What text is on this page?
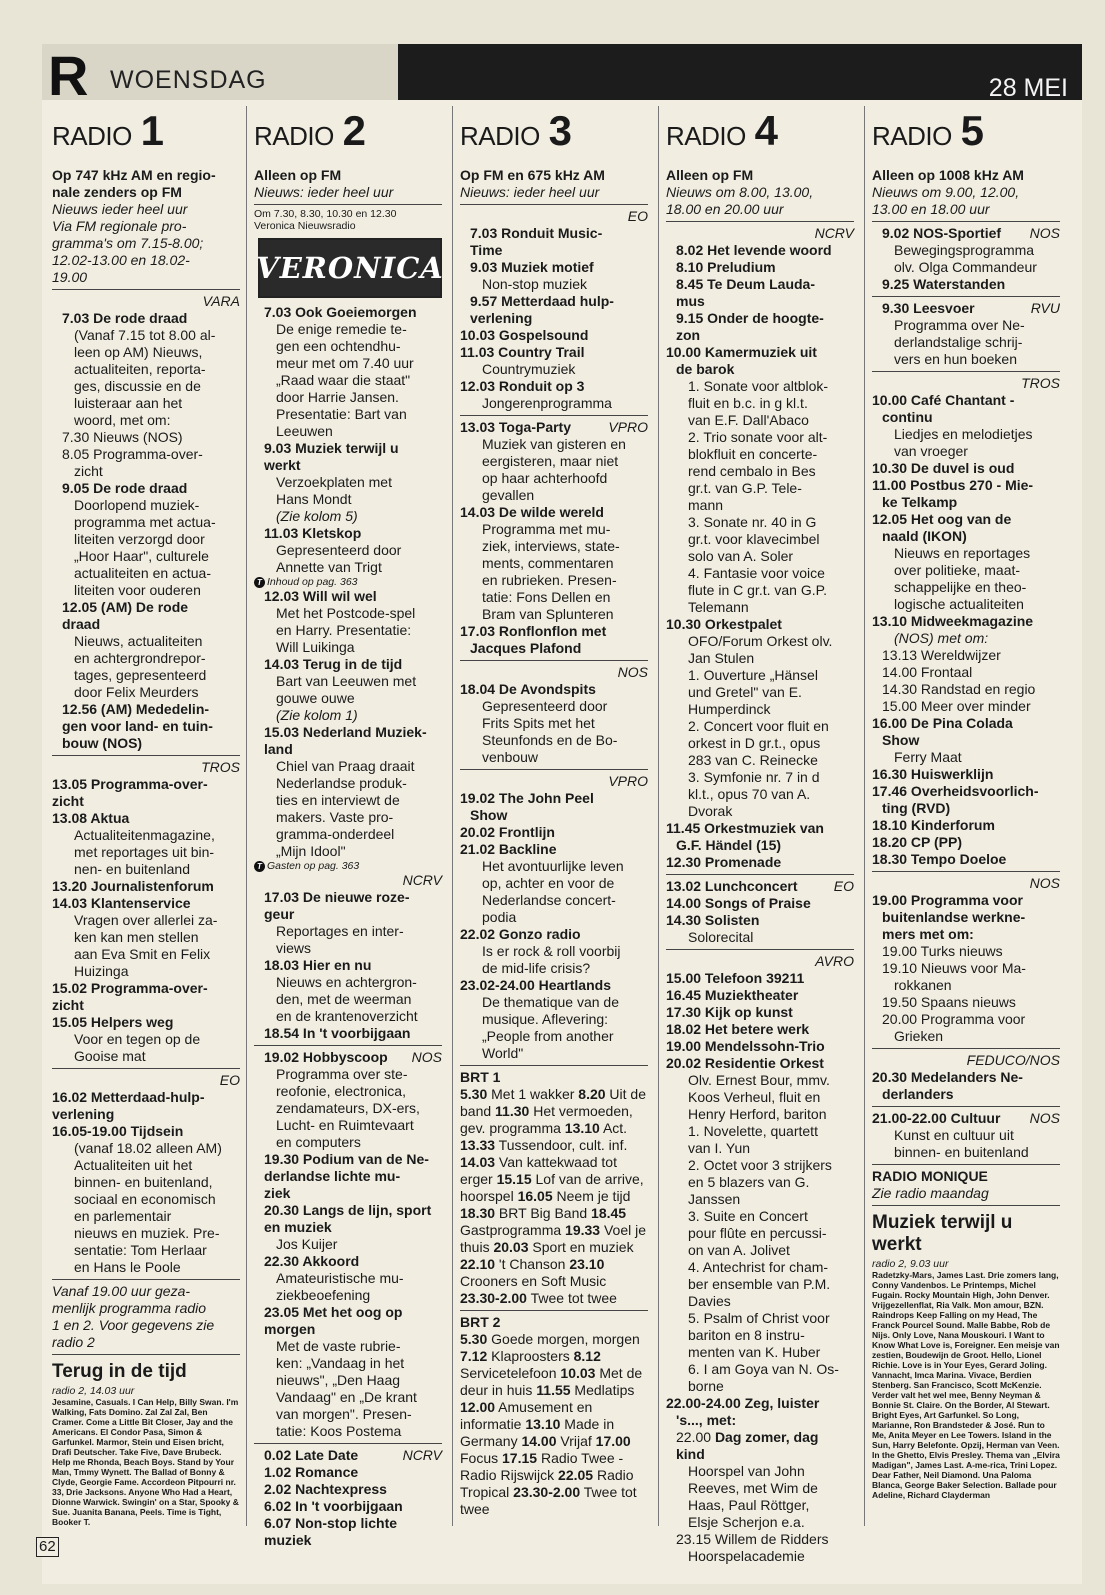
R WOENSDAG	28 MEI
RADIO 1
Op 747 kHz AM en regio-
nale zenders op FM
Nieuws ieder heel uur
Via FM regionale pro-
gramma's om 7.15-8.00;
12.02-13.00 en 18.02-
19.00
VARA
7.03 De rode draad
(Vanaf 7.15 tot 8.00 al-
leen op AM) Nieuws,
actualiteiten, reporta-
ges, discussie en de
luisteraar aan het
woord, met om:
7.30 Nieuws (NOS)
8.05 Programma-over-
zicht
9.05 De rode draad
Doorlopend muziek-
programma met actua-
liteiten verzorgd door
„Hoor Haar", culturele
actualiteiten en actua-
liteiten voor ouderen
12.05 (AM) De rode
draad
Nieuws, actualiteiten
en achtergrondrepor-
tages, gepresenteerd
door Felix Meurders
12.56 (AM) Mededelin-
gen voor land- en tuin-
bouw (NOS)
TROS
13.05 Programma-over-
zicht
13.08 Aktua
Actualiteitenmagazine,
met reportages uit bin-
nen- en buitenland
13.20 Journalistenforum
14.03 Klantenservice
Vragen over allerlei za-
ken kan men stellen
aan Eva Smit en Felix
Huizinga
15.02 Programma-over-
zicht
15.05 Helpers weg
Voor en tegen op de
Gooise mat
EO
16.02 Metterdaad-hulp-
verlening
16.05-19.00 Tijdsein
(vanaf 18.02 alleen AM)
Actualiteiten uit het
binnen- en buitenland,
sociaal en economisch
en parlementair
nieuws en muziek. Pre-
sentatie: Tom Herlaar
en Hans le Poole
Vanaf 19.00 uur geza-
menlijk programma radio
1 en 2. Voor gegevens zie
radio 2
Terug in de tijd
radio 2, 14.03 uur
Jesamine, Casuals. I Can Help, Billy Swan. I'm Walking, Fats Domino. Zal Zal Zal, Ben Cramer. Come a Little Bit Closer, Jay and the Americans. El Condor Pasa, Simon & Garfunkel. Marmor, Stein und Eisen bricht, Drafi Deutscher. Take Five, Dave Brubeck. Help me Rhonda, Beach Boys. Stand by Your Man, Tmmy Wynett. The Ballad of Bonny & Clyde, Georgie Fame. Accordeon Pitpourri nr. 33, Drie Jacksons. Anyone Who Had a Heart, Dionne Warwick. Swingin' on a Star, Spooky & Sue. Juanita Banana, Peels. Time is Tight, Booker T.
RADIO 2
Alleen op FM
Nieuws: ieder heel uur
Om 7.30, 8.30, 10.30 en 12.30
Veronica Nieuwsradio
VERONICA
7.03 Ook Goeiemorgen
De enige remedie te-
gen een ochtendhu-
meur met om 7.40 uur
„Raad waar die staat"
door Harrie Jansen.
Presentatie: Bart van
Leeuwen
9.03 Muziek terwijl u
werkt
Verzoekplaten met
Hans Mondt
(Zie kolom 5)
11.03 Kletskop
Gepresenteerd door
Annette van Trigt
T Inhoud op pag. 363
12.03 Will wil wel
Met het Postcode-spel
en Harry. Presentatie:
Will Luikinga
14.03 Terug in de tijd
Bart van Leeuwen met
gouwe ouwe
(Zie kolom 1)
15.03 Nederland Muziek-
land
Chiel van Praag draait
Nederlandse produk-
ties en interviewt de
makers. Vaste pro-
gramma-onderdeel
„Mijn Idool"
T Gasten op pag. 363
NCRV
17.03 De nieuwe roze-
geur
Reportages en inter-
views
18.03 Hier en nu
Nieuws en achtergron-
den, met de weerman
en de krantenoverzicht
18.54 In 't voorbijgaan
19.02 Hobbyscoop NOS
Programma over ste-
reofonie, electronica,
zendamateurs, DX-ers,
Lucht- en Ruimtevaart
en computers
19.30 Podium van de Ne-
derlandse lichte mu-
ziek
20.30 Langs de lijn, sport
en muziek
Jos Kuijer
22.30 Akkoord
Amateuristische mu-
ziekbeoefening
23.05 Met het oog op
morgen
Met de vaste rubrie-
ken: „Vandaag in het
nieuws", „Den Haag
Vandaag" en „De krant
van morgen". Presen-
tatie: Koos Postema
0.02 Late Date	NCRV
1.02 Romance
2.02 Nachtexpress
6.02 In 't voorbijgaan
6.07 Non-stop lichte
muziek
RADIO 3
Op FM en 675 kHz AM
Nieuws: ieder heel uur
EO
7.03 Ronduit Music-
Time
9.03 Muziek motief
Non-stop muziek
9.57 Metterdaad hulp-
verlening
10.03 Gospelsound
11.03 Country Trail
Countrymuziek
12.03 Ronduit op 3
Jongerenprogramma
13.03 Toga-Party	VPRO
Muziek van gisteren en
eergisteren, maar niet
op haar achterhoofd
gevallen
14.03 De wilde wereld
Programma met mu-
ziek, interviews, state-
ments, commentaren
en rubrieken. Presen-
tatie: Fons Dellen en
Bram van Splunteren
17.03 Ronflonflon met
Jacques Plafond
NOS
18.04 De Avondspits
Gepresenteerd door
Frits Spits met het
Steunfonds en de Bo-
venbouw
VPRO
19.02 The John Peel
Show
20.02 Frontlijn
21.02 Backline
Het avontuurlijke leven
op, achter en voor de
Nederlandse concert-
podia
22.02 Gonzo radio
Is er rock & roll voorbij
de mid-life crisis?
23.02-24.00 Heartlands
De thematique van de
musique. Aflevering:
„People from another
World"
BRT 1
5.30 Met 1 wakker 8.20 Uit de band 11.30 Het vermoeden, gev. programma 13.10 Act. 13.33 Tussendoor, cult. inf. 14.03 Van kattekwaad tot erger 15.15 Lof van de arrive, hoorspel 16.05 Neem je tijd 18.30 BRT Big Band 18.45 Gastprogramma 19.33 Voel je thuis 20.03 Sport en muziek 22.10 't Chanson 23.10 Crooners en Soft Music 23.30-2.00 Twee tot twee
BRT 2
5.30 Goede morgen, morgen 7.12 Klaproosters 8.12 Servicetelefoon 10.03 Met de deur in huis 11.55 Medlatips 12.00 Amusement en informatie 13.10 Made in Germany 14.00 Vrijaf 17.00 Focus 17.15 Radio Twee - Radio Rijswijck 22.05 Radio Tropical 23.30-2.00 Twee tot twee
RADIO 4
Alleen op FM
Nieuws om 8.00, 13.00,
18.00 en 20.00 uur
NCRV
8.02 Het levende woord
8.10 Preludium
8.45 Te Deum Lauda-
mus
9.15 Onder de hoogte-
zon
10.00 Kamermuziek uit
de barok
1. Sonate voor altblok-
fluit en b.c. in g kl.t.
van E.F. Dall'Abaco
2. Trio sonate voor alt-
blokfluit en concerte-
rend cembalo in Bes
gr.t. van G.P. Tele-
mann
3. Sonate nr. 40 in G
gr.t. voor klavecimbel
solo van A. Soler
4. Fantasie voor voice
flute in C gr.t. van G.P.
Telemann
10.30 Orkestpalet
OFO/Forum Orkest olv.
Jan Stulen
1. Ouverture „Hänsel
und Gretel" van E.
Humperdinck
2. Concert voor fluit en
orkest in D gr.t., opus
283 van C. Reinecke
3. Symfonie nr. 7 in d
kl.t., opus 70 van A.
Dvorak
11.45 Orkestmuziek van
G.F. Händel (15)
12.30 Promenade
13.02 Lunchconcert	EO
14.00 Songs of Praise
14.30 Solisten
Solorecital
AVRO
15.00 Telefoon 39211
16.45 Muziektheater
17.30 Kijk op kunst
18.02 Het betere werk
19.00 Mendelssohn-Trio
20.02 Residentie Orkest
Olv. Ernest Bour, mmv.
Koos Verheul, fluit en
Henry Herford, bariton
1. Novelette, quartett
van I. Yun
2. Octet voor 3 strijkers
en 5 blazers van G.
Janssen
3. Suite en Concert
pour flûte en percussi-
on van A. Jolivet
4. Antechrist for cham-
ber ensemble van P.M.
Davies
5. Psalm of Christ voor
bariton en 8 instru-
menten van K. Huber
6. I am Goya van N. Os-
borne
22.00-24.00 Zeg, luister
's..., met:
22.00 Dag zomer, dag
kind
Hoorspel van John
Reeves, met Wim de
Haas, Paul Röttger,
Elsje Scherjon e.a.
23.15 Willem de Ridders
Hoorspelacademie
RADIO 5
Alleen op 1008 kHz AM
Nieuws om 9.00, 12.00,
13.00 en 18.00 uur
9.02 NOS-Sportief NOS
Bewegingsprogramma
olv. Olga Commandeur
9.25 Waterstanden
9.30 Leesvoer	RVU
Programma over Ne-
derlandstalige schrij-
vers en hun boeken
TROS
10.00 Café Chantant -
continu
Liedjes en melodietjes
van vroeger
10.30 De duvel is oud
11.00 Postbus 270 - Mie-
ke Telkamp
12.05 Het oog van de
naald (IKON)
Nieuws en reportages
over politieke, maat-
schappelijke en theo-
logische actualiteiten
13.10 Midweekmagazine
(NOS) met om:
13.13 Wereldwijzer
14.00 Frontaal
14.30 Randstad en regio
15.00 Meer over minder
16.00 De Pina Colada
Show
Ferry Maat
16.30 Huiswerklijn
17.46 Overheidsvoorlich-
ting (RVD)
18.10 Kinderforum
18.20 CP (PP)
18.30 Tempo Doeloe
NOS
19.00 Programma voor
buitenlandse werkne-
mers met om:
19.00 Turks nieuws
19.10 Nieuws voor Ma-
rokkanen
19.50 Spaans nieuws
20.00 Programma voor
Grieken
FEDUCO/NOS
20.30 Medelanders Ne-
derlanders
21.00-22.00 Cultuur NOS
Kunst en cultuur uit
binnen- en buitenland
RADIO MONIQUE
Zie radio maandag
Muziek terwijl u werkt
radio 2, 9.03 uur
Radetzky-Mars, James Last. Drie zomers lang, Conny Vandenbos. Le Printemps, Michel Fugain. Rocky Mountain High, John Denver. Vrijgezellenflat, Ria Valk. Mon amour, BZN. Raindrops Keep Falling on my Head, The Franck Pourcel Sound. Malle Babbe, Rob de Nijs. Only Love, Nana Mouskouri. I Want to Know What Love is, Foreigner. Een meisje van zestien, Boudewijn de Groot. Hello, Lionel Richie. Love is in Your Eyes, Gerard Joling. Vannacht, Imca Marina. Vivace, Berdien Stenberg. San Francisco, Scott McKenzie. Verder valt het wel mee, Benny Neyman & Bonnie St. Claire. On the Border, Al Stewart. Bright Eyes, Art Garfunkel. So Long, Marianne, Ron Brandsteder & José. Run to Me, Anita Meyer en Lee Towers. Island in the Sun, Harry Belefonte. Opzij, Herman van Veen. In the Ghetto, Elvis Presley. Thema van „Elvira Madigan", James Last. A-me-rica, Trini Lopez. Dear Father, Neil Diamond. Una Paloma Blanca, George Baker Selection. Ballade pour Adeline, Richard Clayderman
62
